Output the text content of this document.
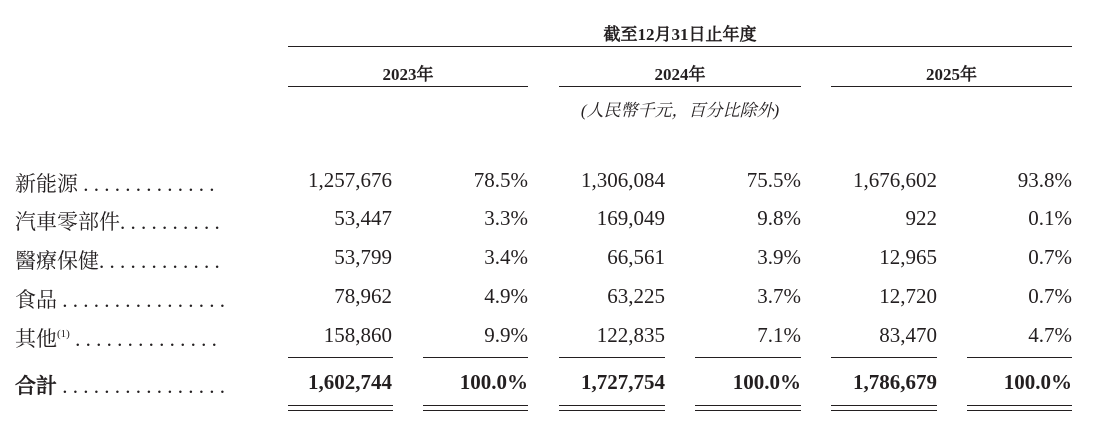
截至12月31日止年度
2023年	2024年	2025年
(人民幣千元，百分比除外)
新能源 . . . . . . . . . . . . .	1,257,676	78.5%	1,306,084	75.5% 1,676,602	93.8%
汽車零部件. . . . . . . . . .	53,447	3.3%	169,049	9.8%	922	0.1%
醫療保健. . . . . . . . . . . .	53,799	3.4%	66,561	3.9%	12,965	0.7%
食品 . . . . . . . . . . . . . . . .	78,962	4.9%	63,225	3.7%	12,720	0.7%
其他$^{(1)}$ . . . . . . . . . . . . . .	158,860	9.9%	122,835	7.1%	83,470	4.7%
合計 . . . . . . . . . . . . . . . .	1,602,744	100.0%	1,727,754	100.0% 1,786,679	100.0%
